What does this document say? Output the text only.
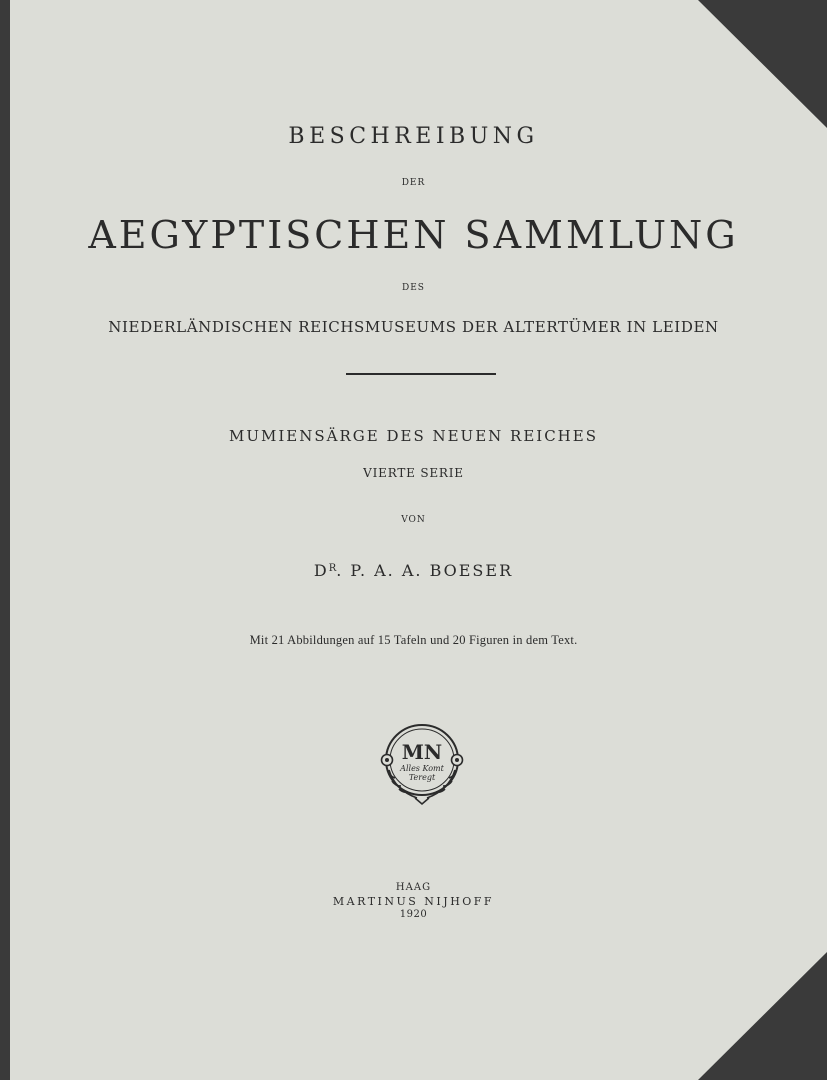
BESCHREIBUNG
DER
AEGYPTISCHEN SAMMLUNG
DES
NIEDERLÄNDISCHEN REICHSMUSEUMS DER ALTERTÜMER IN LEIDEN
MUMIENSÄRGE DES NEUEN REICHES
VIERTE SERIE
VON
$D^R$. P. A. A. BOESER
Mit 21 Abbildungen auf 15 Tafeln und 20 Figuren in dem Text.
MN
Alles Komt
Teregt
HAAG
MARTINUS NIJHOFF
1920
